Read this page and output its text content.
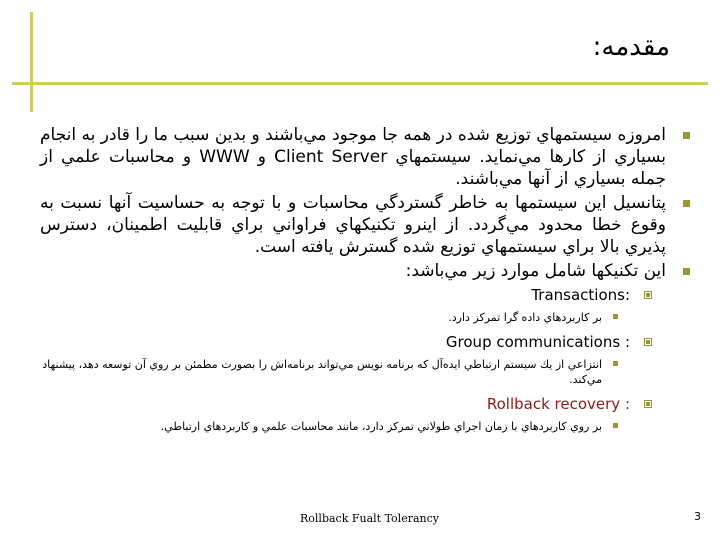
مقدمه:
امروزه سيستمهاي توزيع شده در همه جا موجود مي‌باشند و بدين سبب ما را قادر به انجام بسياري از كارها مي‌نمايد. سيستمهاي Client Server و WWW و محاسبات علمي از جمله بسياري از آنها مي‌باشند.
پتانسيل اين سيستمها به خاطر گستردگي محاسبات و با توجه به حساسيت آنها نسبت به وقوع خطا محدود مي‌گردد. از اينرو تكنيكهاي فراواني براي قابليت اطمينان، دسترس پذيري بالا براي سيستمهاي توزيع شده گسترش يافته است.
اين تكنيكها شامل موارد زير مي‌باشد:
Transactions:
بر كاربردهاي داده گرا تمركز دارد.
Group communications :
انتزاعي از يك سيستم ارتباطي ايده‌آل كه برنامه نويس مي‌تواند برنامه‌اش را بصورت مطمئن بر روي آن توسعه دهد، پيشنهاد مي‌كند.
Rollback recovery :
بر روي كاربردهاي با زمان اجراي طولاني تمركز دارد، مانند محاسبات علمي و كاربردهاي ارتباطي.
Rollback Fualt Tolerancy	3
